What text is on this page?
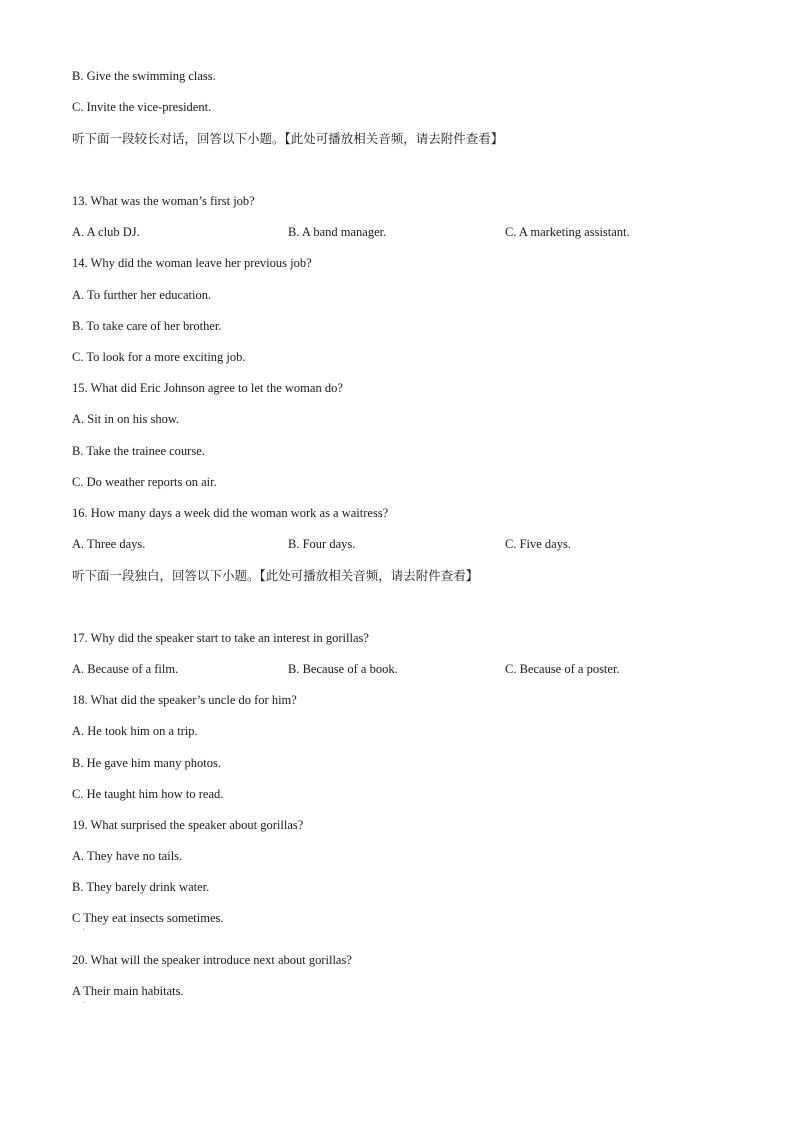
B. Give the swimming class.
C. Invite the vice-president.
听下面一段较长对话，回答以下小题。【此处可播放相关音频，请去附件查看】
13. What was the woman’s first job?
A. A club DJ.	B. A band manager.	C. A marketing assistant.
14. Why did the woman leave her previous job?
A. To further her education.
B. To take care of her brother.
C. To look for a more exciting job.
15. What did Eric Johnson agree to let the woman do?
A. Sit in on his show.
B. Take the trainee course.
C. Do weather reports on air.
16. How many days a week did the woman work as a waitress?
A. Three days.	B. Four days.	C. Five days.
听下面一段独白，回答以下小题。【此处可播放相关音频，请去附件查看】
17. Why did the speaker start to take an interest in gorillas?
A. Because of a film.	B. Because of a book.	C. Because of a poster.
18. What did the speaker’s uncle do for him?
A. He took him on a trip.
B. He gave him many photos.
C. He taught him how to read.
19. What surprised the speaker about gorillas?
A. They have no tails.
B. They barely drink water.
C They eat insects sometimes.
˙
20. What will the speaker introduce next about gorillas?
A Their main habitats.
˙
